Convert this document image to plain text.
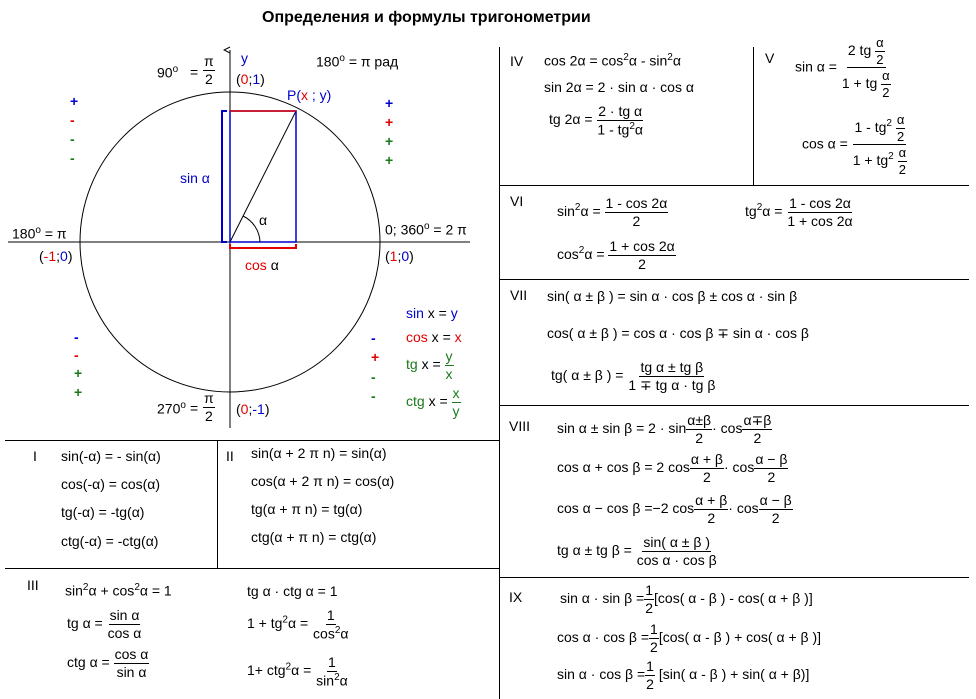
Определения и формулы тригонометрии
y
$90^o = \frac{\pi}{2}$ (0;1)
$180^o = \pi$ рад
P(x ; y)
sin α
α
cos α
$180^o = \pi$
(-1;0)
0; $360^o = 2$ π
(1;0)
$270^o = \frac{\pi}{2}$ (0;-1)
+
-
-
-
+
+
+
+
-
-
+
+
-
+
-
-
sin x = y
cos x = x
tg $x = \frac{y}{x}$
ctg $x = \frac{x}{y}$
I sin(-α) = - sin(α)
cos(-α) = cos(α)
tg(-α) = -tg(α)
ctg(-α) = -ctg(α)
II sin(α + 2 π n) = sin(α)
cos(α + 2 π n) = cos(α)
tg(α + π n) = tg(α)
ctg(α + π n) = ctg(α)
III $\sin^2\alpha + \cos^2\alpha = 1$
tg $\alpha = \frac{\text{sin α}}{\text{cos α}}$
ctg $\alpha = \frac{\text{cos α}}{\text{sin α}}$
tg α · ctg α = 1
$1 + tg^2\alpha = \frac{1}{\cos^2\alpha}$
$1+ ctg^2\alpha = \frac{1}{\sin^2\alpha}$
IV $\cos 2\alpha = \cos^2\alpha - \sin^2\alpha$
sin 2α = 2 · sin α · cos α
tg $2\alpha = \frac{\text{2 · tg α}}{1 - tg^2\alpha}$
V
$\sin \alpha = \frac{2 tg \frac{\alpha}{2}}{1 + tg \frac{\alpha}{2}}$
$\cos \alpha = \frac{1 - tg^2 \frac{\alpha}{2}}{1 + tg^2 \frac{\alpha}{2}}$
VI
$\sin^2\alpha = \frac{1 - \cos 2\alpha}{2}$	$tg^2\alpha = \frac{1 - \cos 2\alpha}{1 + \cos 2\alpha}$
$\cos^2\alpha = \frac{1 + \cos 2\alpha}{2}$
VII sin( α ± β ) = sin α · cos β ± cos α · sin β
cos( α ± β ) = cos α · cos β ∓ sin α · cos β
tg( α ± β ) = $\frac{\text{tg α ± tg β}}{\text{1 ∓ tg α · tg β}}$
VIII $\sin \alpha \pm \sin \beta = 2 \cdot \sin \frac{\alpha\pm\beta}{2} \cdot \cos \frac{\alpha\mp\beta}{2}$
cos α + cos β = 2 $\cos \frac{\alpha + \beta}{2} \cdot \cos \frac{\alpha - \beta}{2}$
cos α − cos β =−2 $\cos \frac{\alpha + \beta}{2} \cdot \cos \frac{\alpha - \beta}{2}$
tg α ± tg $\beta = \frac{\sin( \alpha \pm \beta )}{\text{cos α · cos β}}$
IX	$\sin \alpha \cdot \sin \beta = \frac{1}{2} [\cos$( α - β ) - cos( α + β )]
$\cos \alpha \cdot \cos \beta = \frac{1}{2} [\cos$( α - β ) + cos( α + β )]
$\sin \alpha \cdot \cos \beta = \frac{1}{2} [\sin$( α - β ) + sin( α + β)]
